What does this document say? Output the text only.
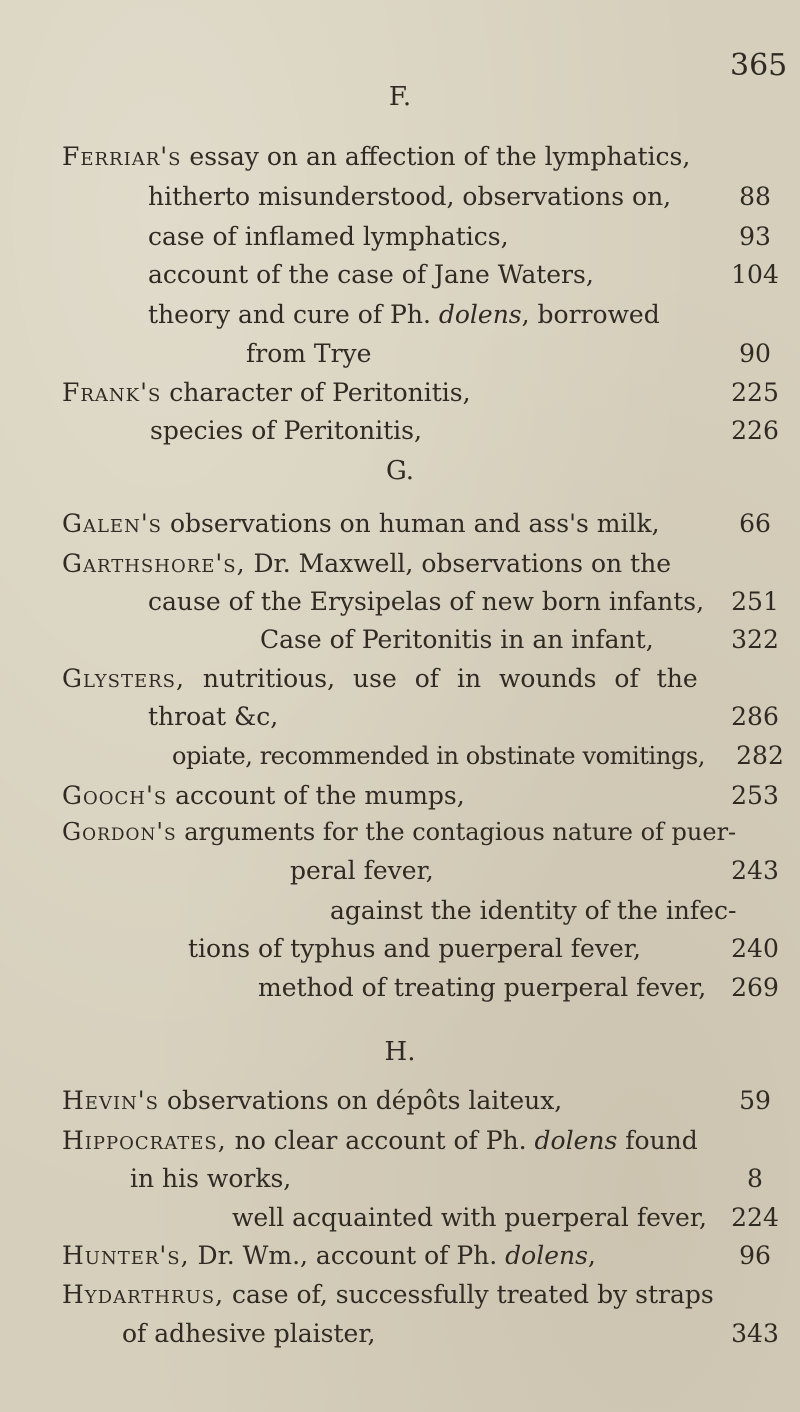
365
F.
Ferriar's essay on an affection of the lymphatics,
hitherto misunderstood, observations on,	88
case of inflamed lymphatics,	93
account of the case of Jane Waters,	104
theory and cure of Ph. dolens, borrowed
from Trye	90
Frank's character of Peritonitis,	225
species of Peritonitis,	226
G.
Galen's observations on human and ass's milk,	66
Garthshore's, Dr. Maxwell, observations on the
cause of the Erysipelas of new born infants,	251
Case of Peritonitis in an infant,	322
Glysters, nutritious, use of in wounds of the
throat &c,	286
opiate, recommended in obstinate vomitings,	282
Gooch's account of the mumps,	253
Gordon's arguments for the contagious nature of puer-
peral fever,	243
against the identity of the infec-
tions of typhus and puerperal fever,	240
method of treating puerperal fever, 269
H.
Hevin's observations on dépôts laiteux,	59
Hippocrates, no clear account of Ph. dolens found
in his works,	8
well acquainted with puerperal fever, 224
Hunter's, Dr. Wm., account of Ph. dolens,	96
Hydarthrus, case of, successfully treated by straps
of adhesive plaister,	343
